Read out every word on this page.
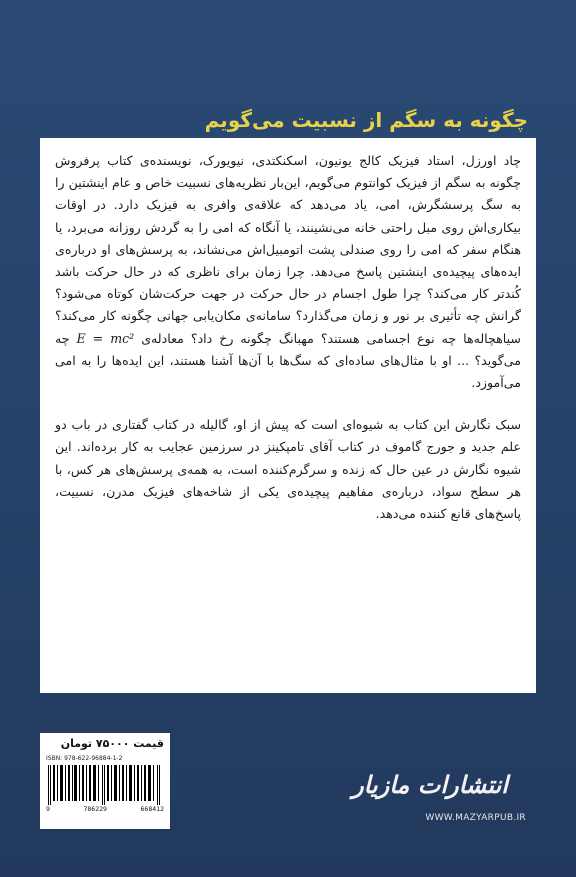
چگونه به سگم از نسبیت می‌گویم

چاد اورزل، استاد فیزیک کالج یونیون، اسکنکتدی، نیویورک، نویسنده‌ی کتاب پرفروش چگونه به سگم از فیزیک کوانتوم می‌گویم، این‌بار نظریه‌های نسبیت خاص و عام اینشتین را به سگ پرسشگرش، امی، یاد می‌دهد که علاقه‌ی وافری به فیزیک دارد. در اوقات بیکاری‌اش روی مبل راحتی خانه می‌نشینند، یا آنگاه که امی را به گردش روزانه می‌برد، یا هنگام سفر که امی را روی صندلی پشت اتومبیل‌اش می‌نشاند، به پرسش‌های او درباره‌ی ایده‌های پیچیده‌ی اینشتین پاسخ می‌دهد. چرا زمان برای ناظری که در حال حرکت باشد کُندتر کار می‌کند؟ چرا طول اجسام در حال حرکت در جهت حرکت‌شان کوتاه می‌شود؟ گرانش چه تأثیری بر نور و زمان می‌گذارد؟ سامانه‌ی مکان‌یابی جهانی چگونه کار می‌کند؟ سیاهچاله‌ها چه نوع اجسامی هستند؟ مهبانگ چگونه رخ داد؟ معادله‌ی E = mc² چه می‌گوید؟ ... او با مثال‌های ساده‌ای که سگ‌ها با آن‌ها آشنا هستند، این ایده‌ها را به امی می‌آموزد.

سبک نگارش این کتاب به شیوه‌ای است که پیش از او، گالیله در کتاب گفتاری در باب دو علم جدید و جورج گاموف در کتاب آقای تامپکینز در سرزمین عجایب به کار برده‌اند. این شیوه نگارش در عین حال که زنده و سرگرم‌کننده است، به همه‌ی پرسش‌های هر کس، با هر سطح سواد، درباره‌ی مفاهیم پیچیده‌ی یکی از شاخه‌های فیزیک مدرن، نسبیت، پاسخ‌های قانع کننده می‌دهد.

قیمت ۷۵۰۰۰ تومان
ISBN: 978-622-96884-1-2
9	786229	668412
انتشارات مازیار
WWW.MAZYARPUB.IR
